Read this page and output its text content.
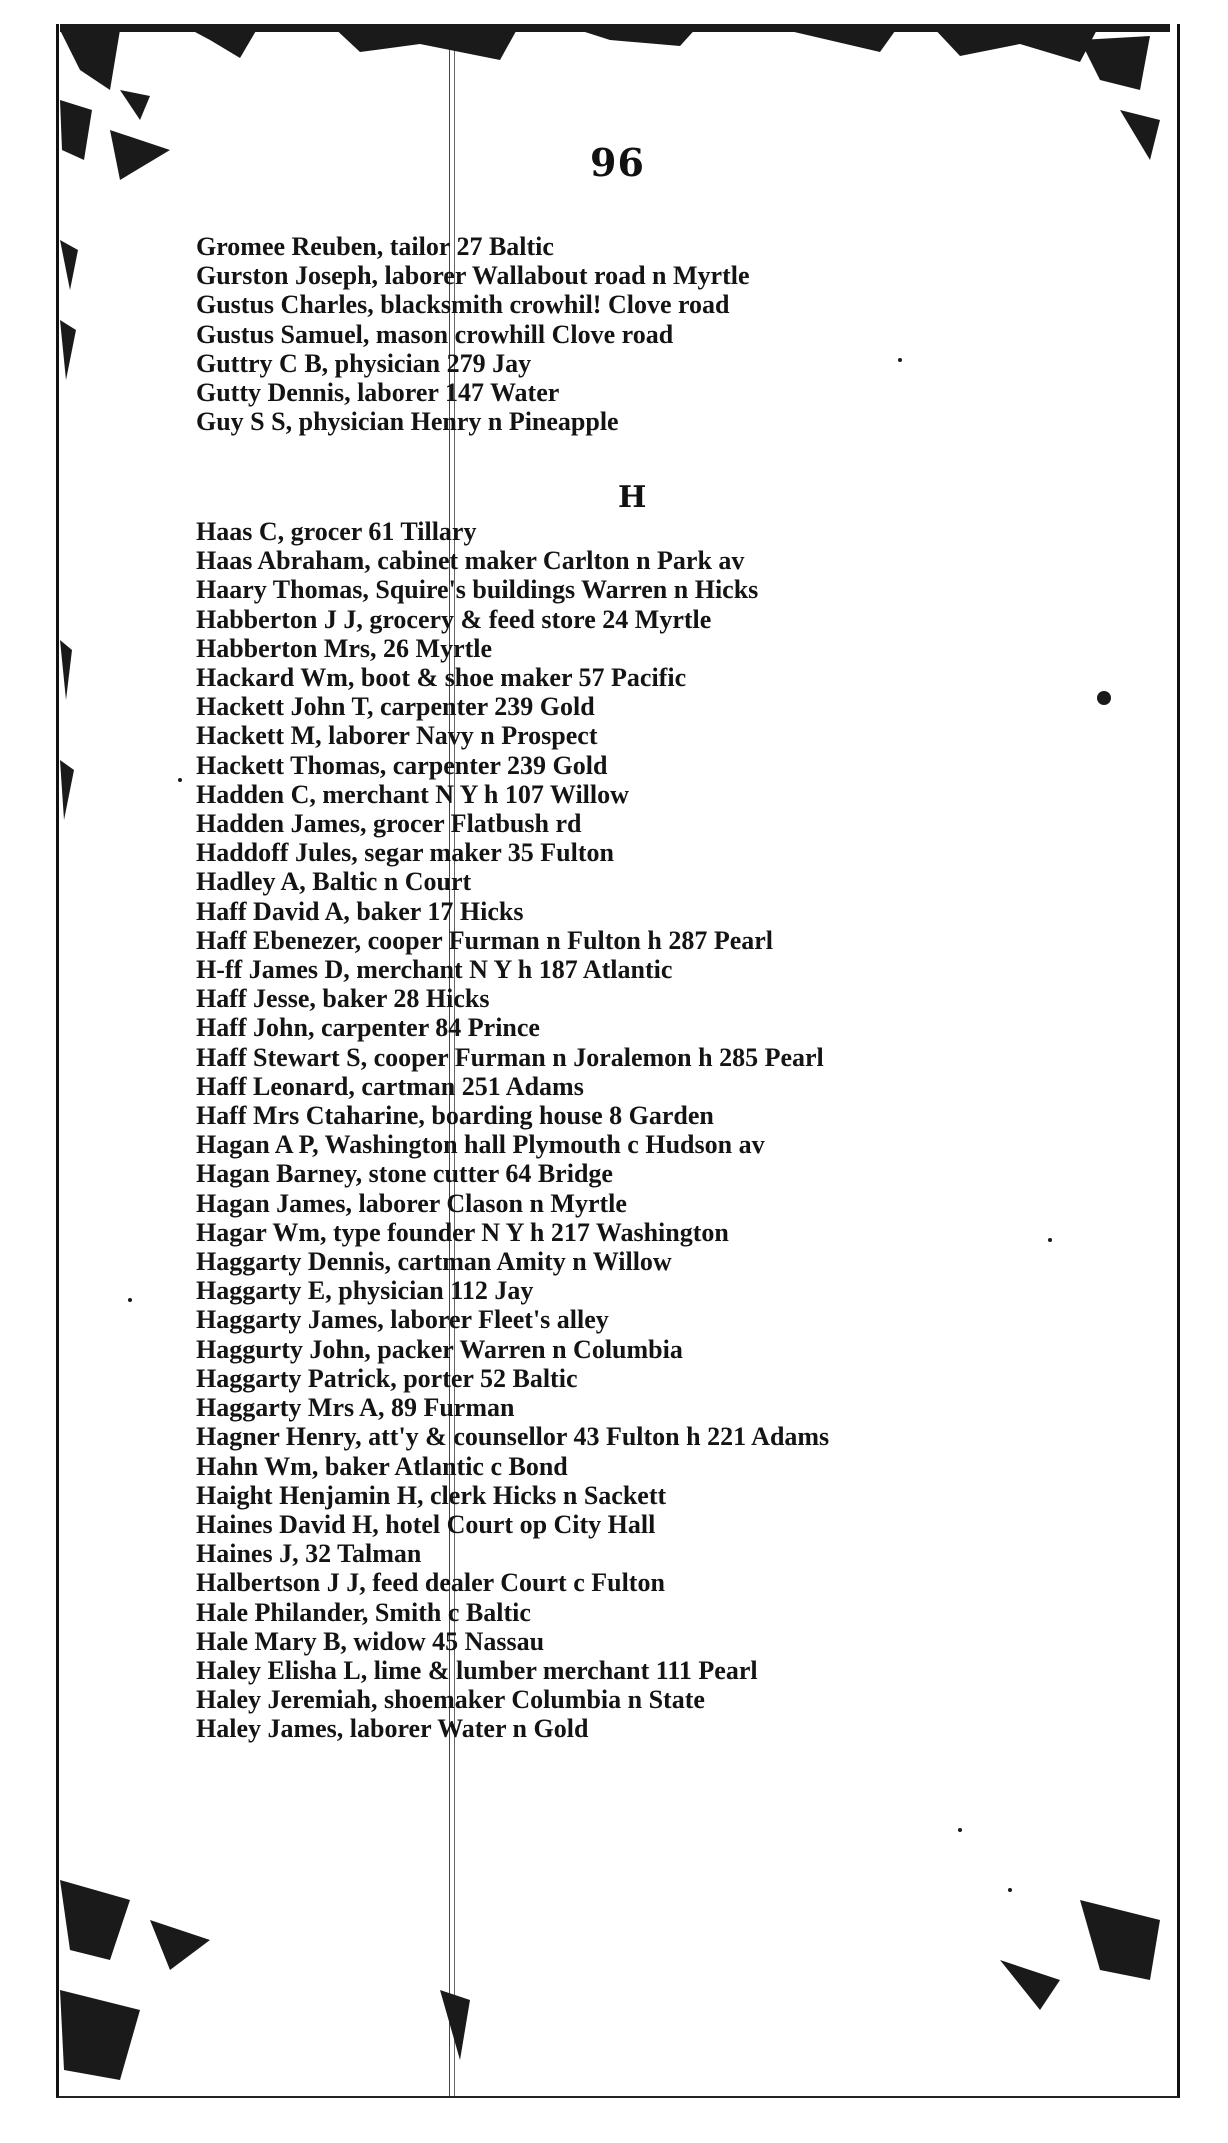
96
Gromee Reuben, tailor 27 Baltic
Gurston Joseph, laborer Wallabout road n Myrtle
Gustus Charles, blacksmith crowhil! Clove road
Gustus Samuel, mason crowhill Clove road
Guttry C B, physician 279 Jay
Gutty Dennis, laborer 147 Water
Guy S S, physician Henry n Pineapple
H
Haas C, grocer 61 Tillary
Haas Abraham, cabinet maker Carlton n Park av
Haary Thomas, Squire's buildings Warren n Hicks
Habberton J J, grocery & feed store 24 Myrtle
Habberton Mrs, 26 Myrtle
Hackard Wm, boot & shoe maker 57 Pacific
Hackett John T, carpenter 239 Gold
Hackett M, laborer Navy n Prospect
Hackett Thomas, carpenter 239 Gold
Hadden C, merchant N Y h 107 Willow
Hadden James, grocer Flatbush rd
Haddoff Jules, segar maker 35 Fulton
Hadley A, Baltic n Court
Haff David A, baker 17 Hicks
Haff Ebenezer, cooper Furman n Fulton h 287 Pearl
H-ff James D, merchant N Y h 187 Atlantic
Haff Jesse, baker 28 Hicks
Haff John, carpenter 84 Prince
Haff Stewart S, cooper Furman n Joralemon h 285 Pearl
Haff Leonard, cartman 251 Adams
Haff Mrs Ctaharine, boarding house 8 Garden
Hagan A P, Washington hall Plymouth c Hudson av
Hagan Barney, stone cutter 64 Bridge
Hagan James, laborer Clason n Myrtle
Hagar Wm, type founder N Y h 217 Washington
Haggarty Dennis, cartman Amity n Willow
Haggarty E, physician 112 Jay
Haggarty James, laborer Fleet's alley
Haggurty John, packer Warren n Columbia
Haggarty Patrick, porter 52 Baltic
Haggarty Mrs A, 89 Furman
Hagner Henry, att'y & counsellor 43 Fulton h 221 Adams
Hahn Wm, baker Atlantic c Bond
Haight Henjamin H, clerk Hicks n Sackett
Haines David H, hotel Court op City Hall
Haines J, 32 Talman
Halbertson J J, feed dealer Court c Fulton
Hale Philander, Smith c Baltic
Hale Mary B, widow 45 Nassau
Haley Elisha L, lime & lumber merchant 111 Pearl
Haley Jeremiah, shoemaker Columbia n State
Haley James, laborer Water n Gold
